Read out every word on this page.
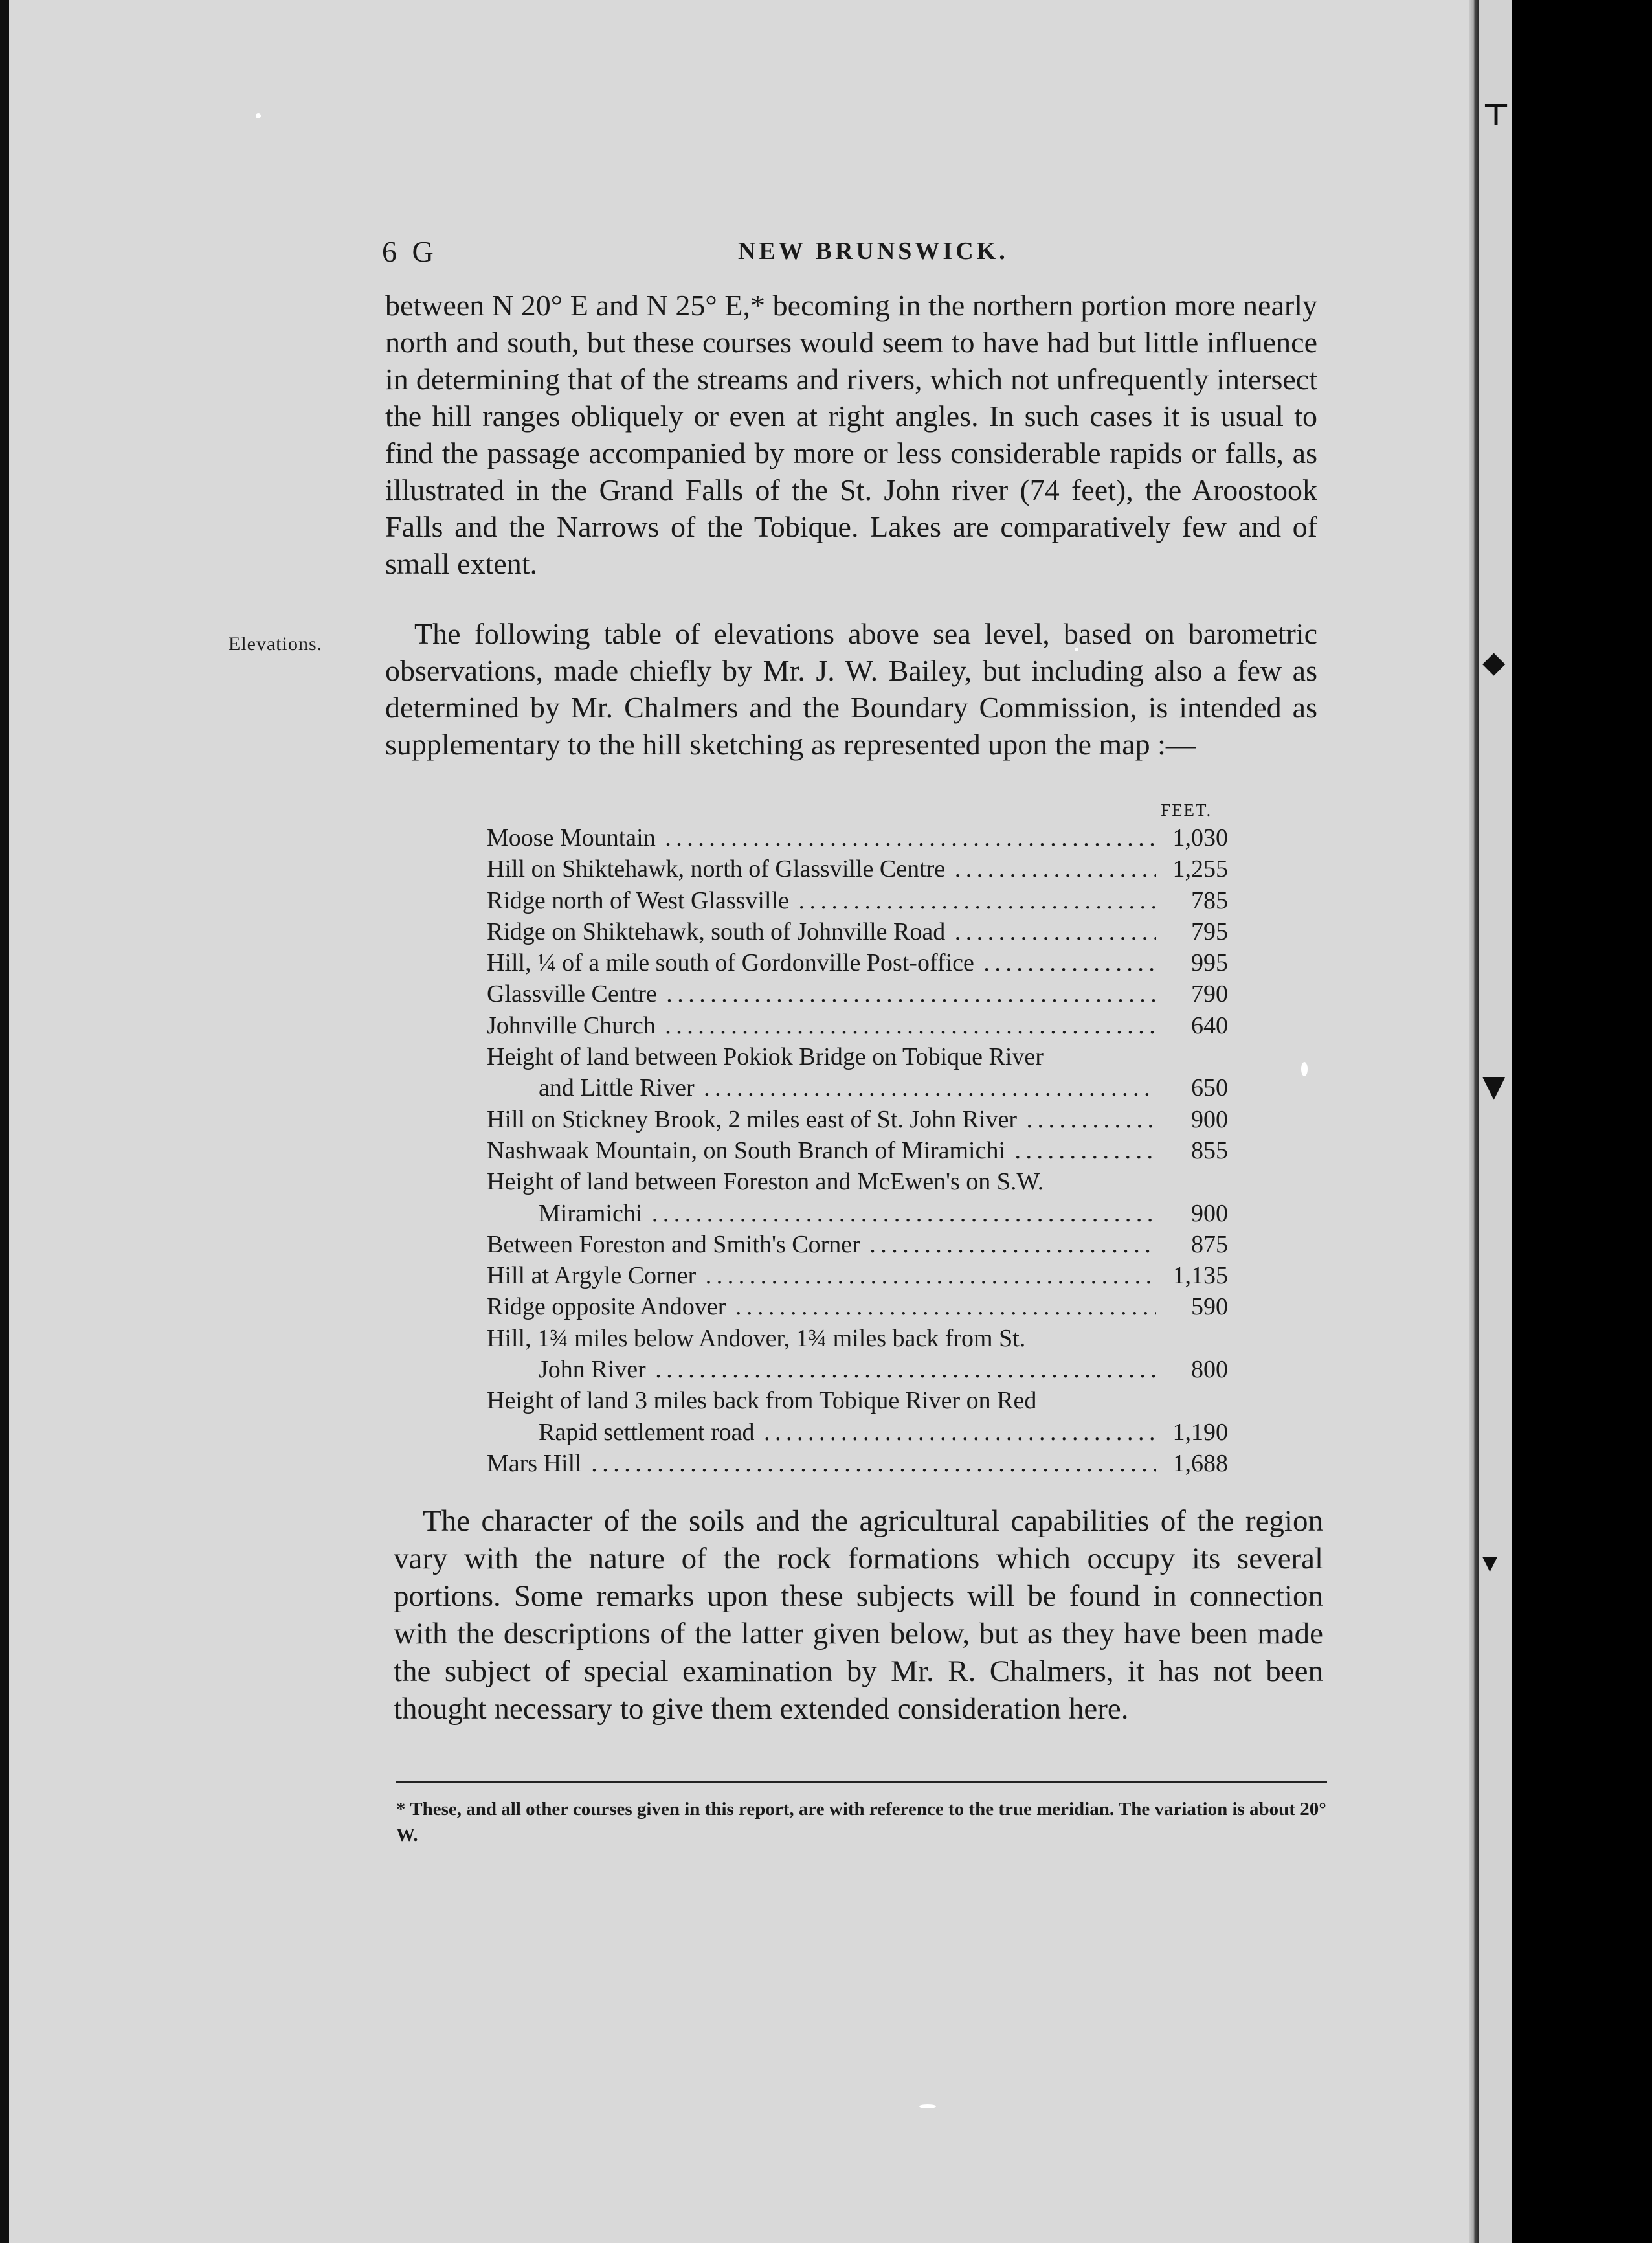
⊤
◆
▼
▾
6 G	NEW BRUNSWICK.

between N 20° E and N 25° E,* becoming in the northern portion more nearly north and south, but these courses would seem to have had but little influence in determining that of the streams and rivers, which not unfrequently intersect the hill ranges obliquely or even at right angles. In such cases it is usual to find the passage accompanied by more or less considerable rapids or falls, as illustrated in the Grand Falls of the St. John river (74 feet), the Aroostook Falls and the Narrows of the Tobique. Lakes are comparatively few and of small extent.

Elevations.	The following table of elevations above sea level, based on barometric observations, made chiefly by Mr. J. W. Bailey, but including also a few as determined by Mr. Chalmers and the Boundary Commission, is intended as supplementary to the hill sketching as represented upon the map :—

FEET.
Moose Mountain . . .	1,030
Hill on Shiktehawk, north of Glassville Centre . . .	1,255
Ridge north of West Glassville . . .	785
Ridge on Shiktehawk, south of Johnville Road . . .	795
Hill, ¼ of a mile south of Gordonville Post-office . . .	995
Glassville Centre . . .	790
Johnville Church . . .	640
Height of land between Pokiok Bridge on Tobique River
and Little River . . .	650
Hill on Stickney Brook, 2 miles east of St. John River . . .	900
Nashwaak Mountain, on South Branch of Miramichi . . .	855
Height of land between Foreston and McEwen's on S.W.
Miramichi . . .	900
Between Foreston and Smith's Corner . . .	875
Hill at Argyle Corner . . .	1,135
Ridge opposite Andover . . .	590
Hill, 1¾ miles below Andover, 1¾ miles back from St.
John River . . .	800
Height of land 3 miles back from Tobique River on Red
Rapid settlement road . . .	1,190
Mars Hill . . .	1,688

The character of the soils and the agricultural capabilities of the region vary with the nature of the rock formations which occupy its several portions. Some remarks upon these subjects will be found in connection with the descriptions of the latter given below, but as they have been made the subject of special examination by Mr. R. Chalmers, it has not been thought necessary to give them extended consideration here.

* These, and all other courses given in this report, are with reference to the true meridian. The variation is about 20° W.
